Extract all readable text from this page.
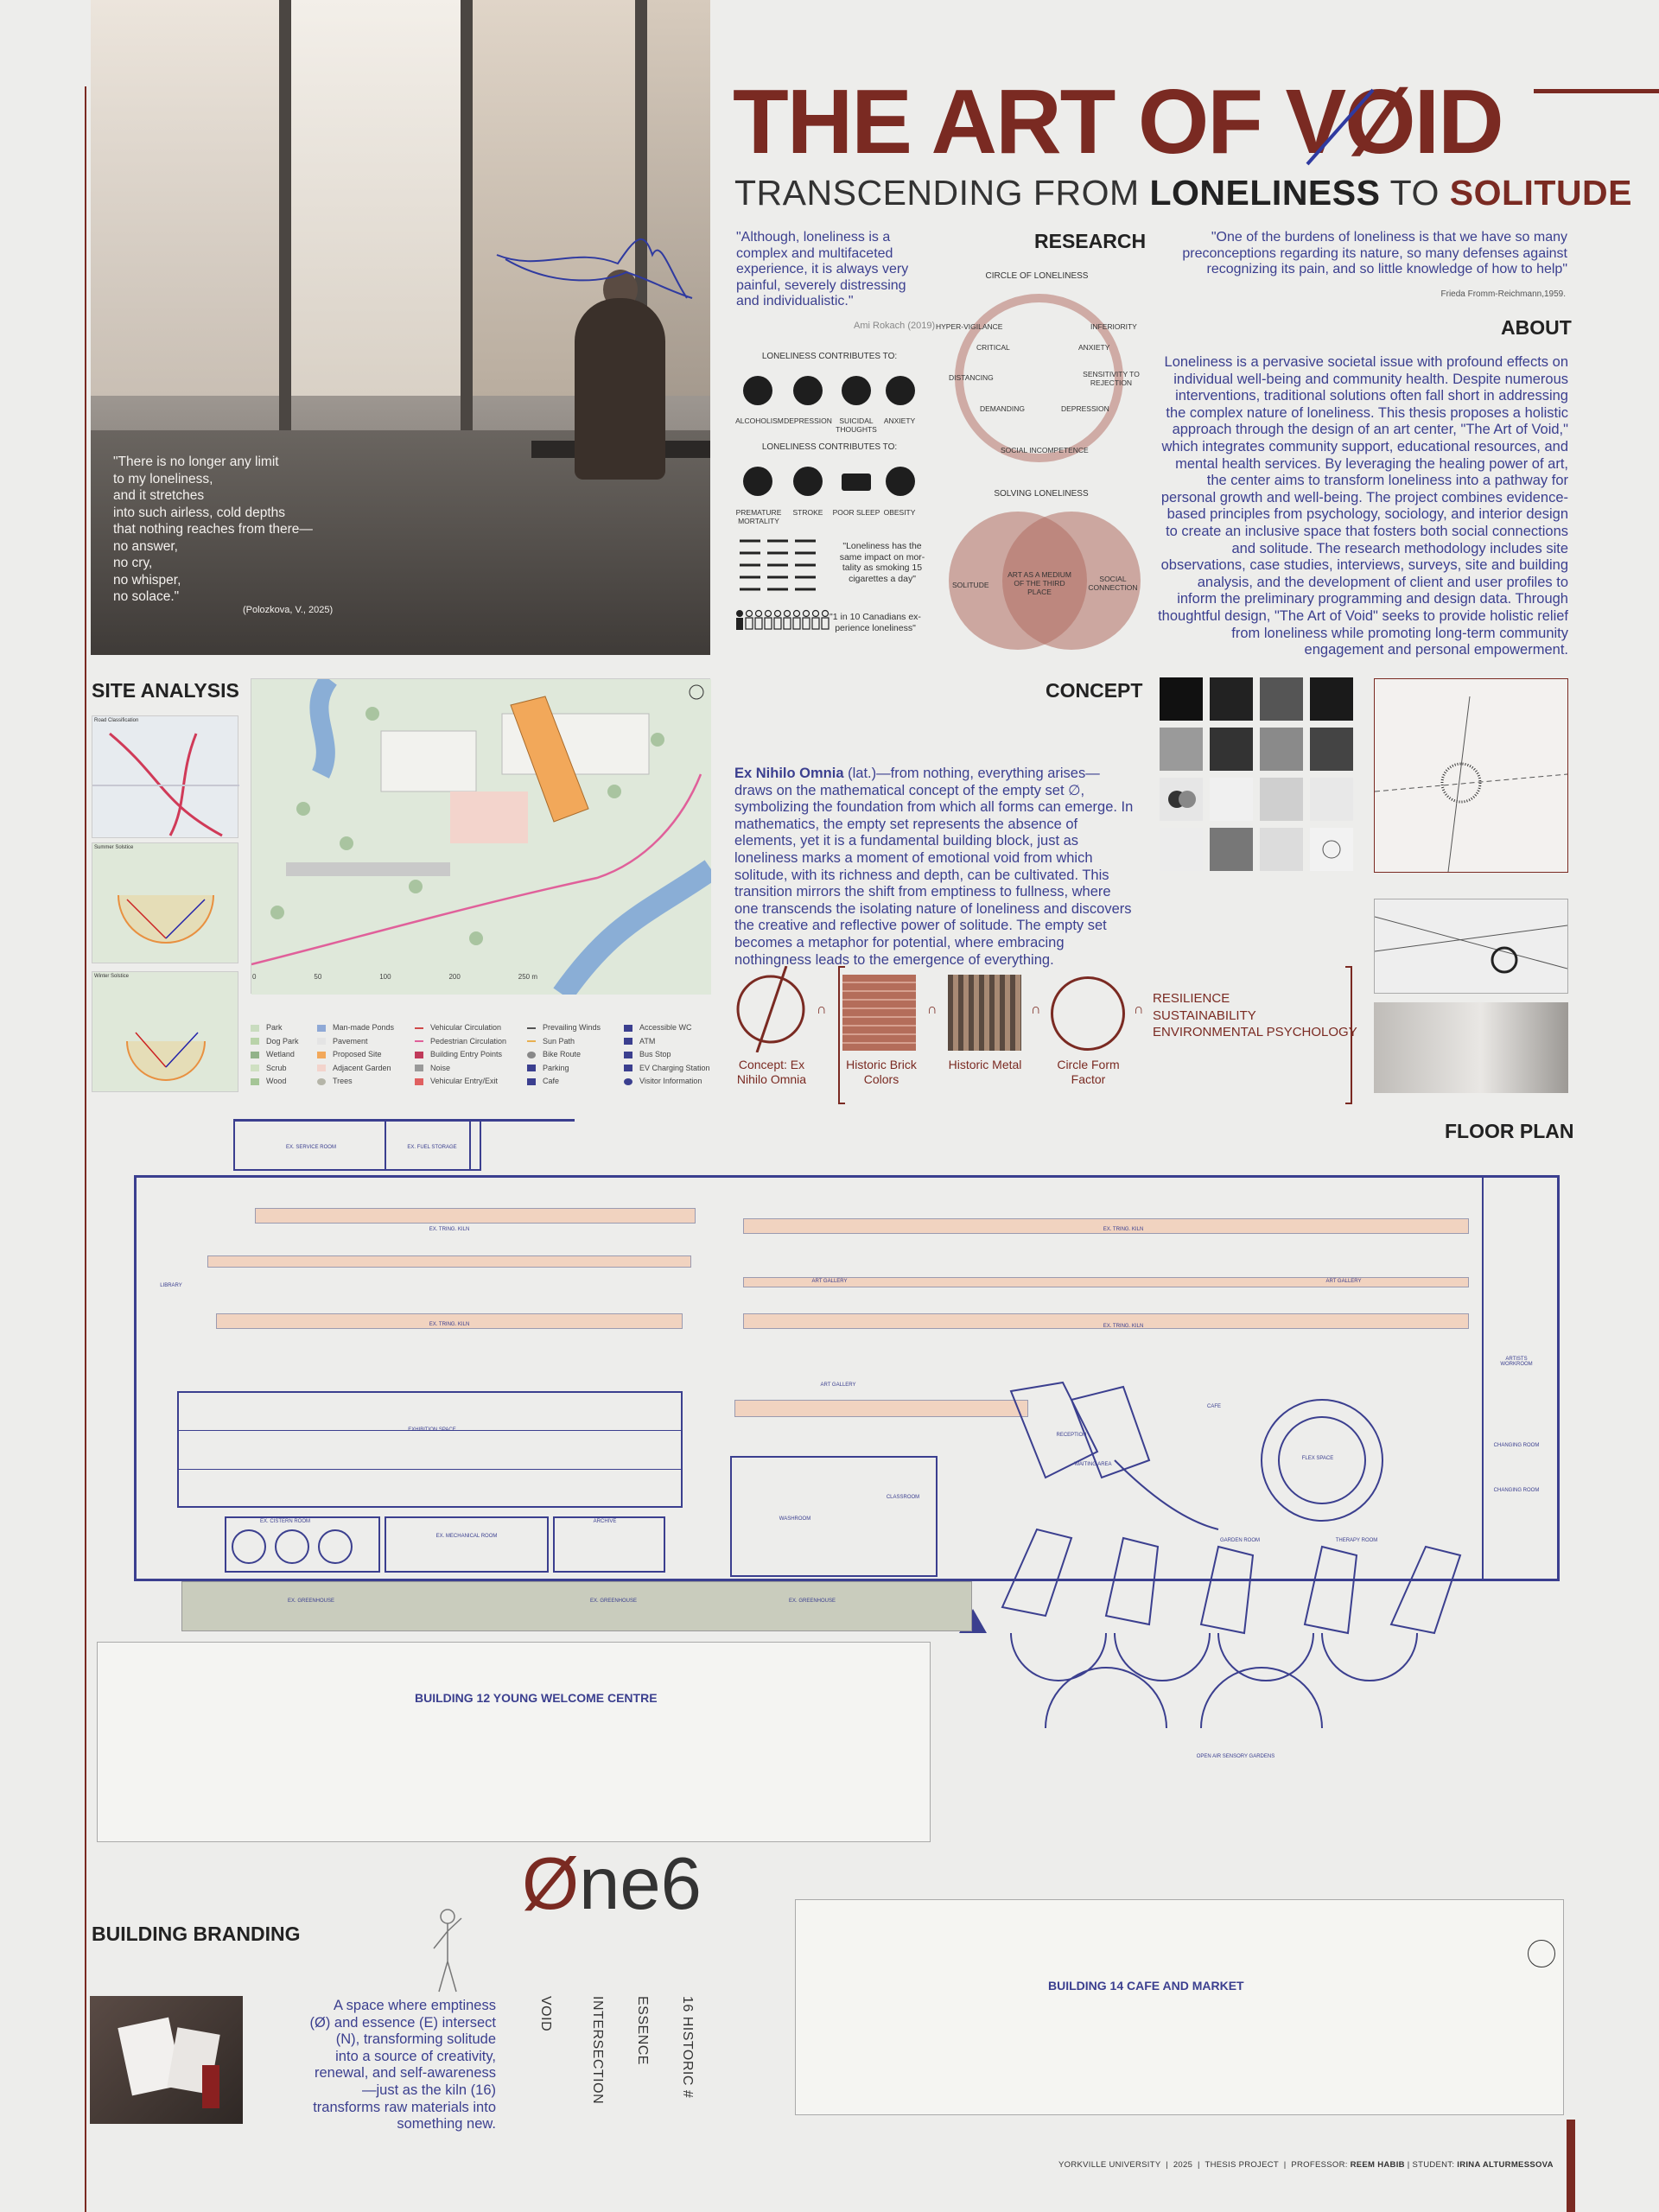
"There is no longer any limit
to my loneliness,
and it stretches
into such airless, cold depths
that nothing reaches from there—
no answer,
no cry,
no whisper,
no solace."
(Polozkova, V., 2025)
THE ART OF VØID
TRANSCENDING FROM LONELINESS TO SOLITUDE
"Although, loneliness is a complex and multifaceted experience, it is always very painful, severely distressing and individualistic."
Ami Rokach (2019)
RESEARCH	"One of the burdens of loneliness is that we have so many preconceptions regarding its nature, so many defenses against recognizing its pain, and so little knowledge of how to help"
Frieda Fromm-Reichmann,1959.
LONELINESS CONTRIBUTES TO:
ALCOHOLISM DEPRESSION	SUICIDAL THOUGHTS
ANXIETY
LONELINESS CONTRIBUTES TO:
PREMATURE MORTALITY
STROKE	POOR SLEEP OBESITY
"Loneliness has the same impact on mor-tality as smoking 15 cigarettes a day"
"1 in 10 Canadians ex-perience loneliness"
CIRCLE OF LONELINESS
HYPER-VIGILANCE	INFERIORITY
CRITICAL	ANXIETY
DISTANCING	SENSITIVITY TO REJECTION
DEMANDING	DEPRESSION
SOCIAL INCOMPETENCE
SOLVING LONELINESS
SOLITUDE
ART AS A MEDIUM OF THE THIRD PLACE
SOCIAL CONNECTION
ABOUT
Loneliness is a pervasive societal issue with profound effects on individual well-being and community health. Despite numerous interventions, traditional solutions often fall short in addressing the complex nature of loneliness. This thesis proposes a holistic approach through the design of an art center, "The Art of Void," which integrates community support, educational resources, and mental health services. By leveraging the healing power of art, the center aims to transform loneliness into a pathway for personal growth and well-being. The project combines evidence-based principles from psychology, sociology, and interior design to create an inclusive space that fosters both social connections and solitude. The research methodology includes site observations, case studies, interviews, surveys, site and building analysis, and the development of client and user profiles to inform the preliminary programming and design data. Through thoughtful design, "The Art of Void" seeks to provide holistic relief from loneliness while promoting long-term community engagement and personal empowerment.
SITE ANALYSIS
Road Classification
Summer Solstice
Winter Solstice	0	50	100	200	250 m
Park
Dog Park
Wetland
Scrub
Wood
Man-made Ponds
Pavement
Proposed Site
Adjacent Garden
Trees
Vehicular Circulation
Pedestrian Circulation
Building Entry Points
Noise
Vehicular Entry/Exit
Prevailing Winds
Sun Path
Bike Route
Parking
Cafe
Accessible WC
ATM
Bus Stop
EV Charging Station
Visitor Information
CONCEPT
Ex Nihilo Omnia (lat.)—from nothing, everything arises—draws on the mathematical concept of the empty set ∅, symbolizing the foundation from which all forms can emerge. In mathematics, the empty set represents the absence of elements, yet it is a fundamental building block, just as loneliness marks a moment of emotional void from which solitude, with its richness and depth, can be cultivated. This transition mirrors the shift from emptiness to fullness, where one transcends the isolating nature of loneliness and discovers the creative and reflective power of solitude. The empty set becomes a metaphor for potential, where embracing nothingness leads to the emergence of everything.
Concept: Ex Nihilo Omnia
∩
Historic Brick Colors
∩
Historic Metal
∩
Circle Form Factor
∩
RESILIENCE
SUSTAINABILITY
ENVIRONMENTAL PSYCHOLOGY
FLOOR PLAN
EX. SERVICE ROOM	EX. FUEL STORAGE
EX. TRING. KILN
EX. TRING. KILN
LIBRARY
EX. TRING. KILN
EX. TRING. KILN
ART GALLERY	ART GALLERY
EXHIBITION SPACE
ART GALLERY
EX. CISTERN ROOM
EX. MECHANICAL ROOM
ARCHIVE	WASHROOM
CLASSROOM
FLEX SPACE
CAFE
RECEPTION
WAITING AREA
THERAPY ROOM
GARDEN ROOM
OPEN AIR SENSORY GARDENS
EX. GREENHOUSE	EX. GREENHOUSE	EX. GREENHOUSE
ARTISTS WORKROOM
CHANGING ROOM
CHANGING ROOM
BUILDING 12 YOUNG WELCOME CENTRE
BUILDING 14 CAFE AND MARKET
BUILDING BRANDING
Øne6
VOID	INTERSECTION ESSENCE 16 HISTORIC #
A space where emptiness (Ø) and essence (E) intersect (N), transforming solitude into a source of creativity, renewal, and self-awareness—just as the kiln (16) transforms raw materials into something new.
YORKVILLE UNIVERSITY  |  2025  |  THESIS PROJECT  |  PROFESSOR: REEM HABIB | STUDENT: IRINA ALTURMESSOVA
